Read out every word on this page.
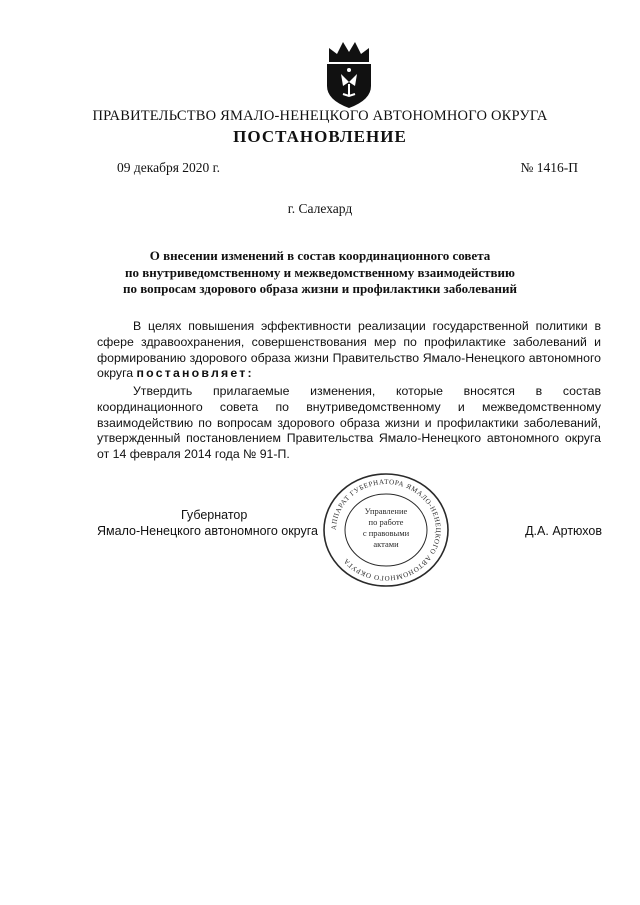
ПРАВИТЕЛЬСТВО ЯМАЛО-НЕНЕЦКОГО АВТОНОМНОГО ОКРУГА
ПОСТАНОВЛЕНИЕ
09 декабря 2020 г.	№ 1416-П
г. Салехард
О внесении изменений в состав координационного совета
по внутриведомственному и межведомственному взаимодействию
по вопросам здорового образа жизни и профилактики заболеваний
В целях повышения эффективности реализации государственной политики в сфере здравоохранения, совершенствования мер по профилактике заболеваний и формированию здорового образа жизни Правительство Ямало-Ненецкого автономного округа постановляет:
Утвердить прилагаемые изменения, которые вносятся в состав координационного совета по внутриведомственному и межведомственному взаимодействию по вопросам здорового образа жизни и профилактики заболеваний, утвержденный постановлением Правительства Ямало-Ненецкого автономного округа от 14 февраля 2014 года № 91-П.
Губернатор
Ямало-Ненецкого автономного округа	Д.А. Артюхов
АППАРАТ ГУБЕРНАТОРА ЯМАЛО-НЕНЕЦКОГО АВТОНОМНОГО ОКРУГА
Управление
по работе
с правовыми
актами
